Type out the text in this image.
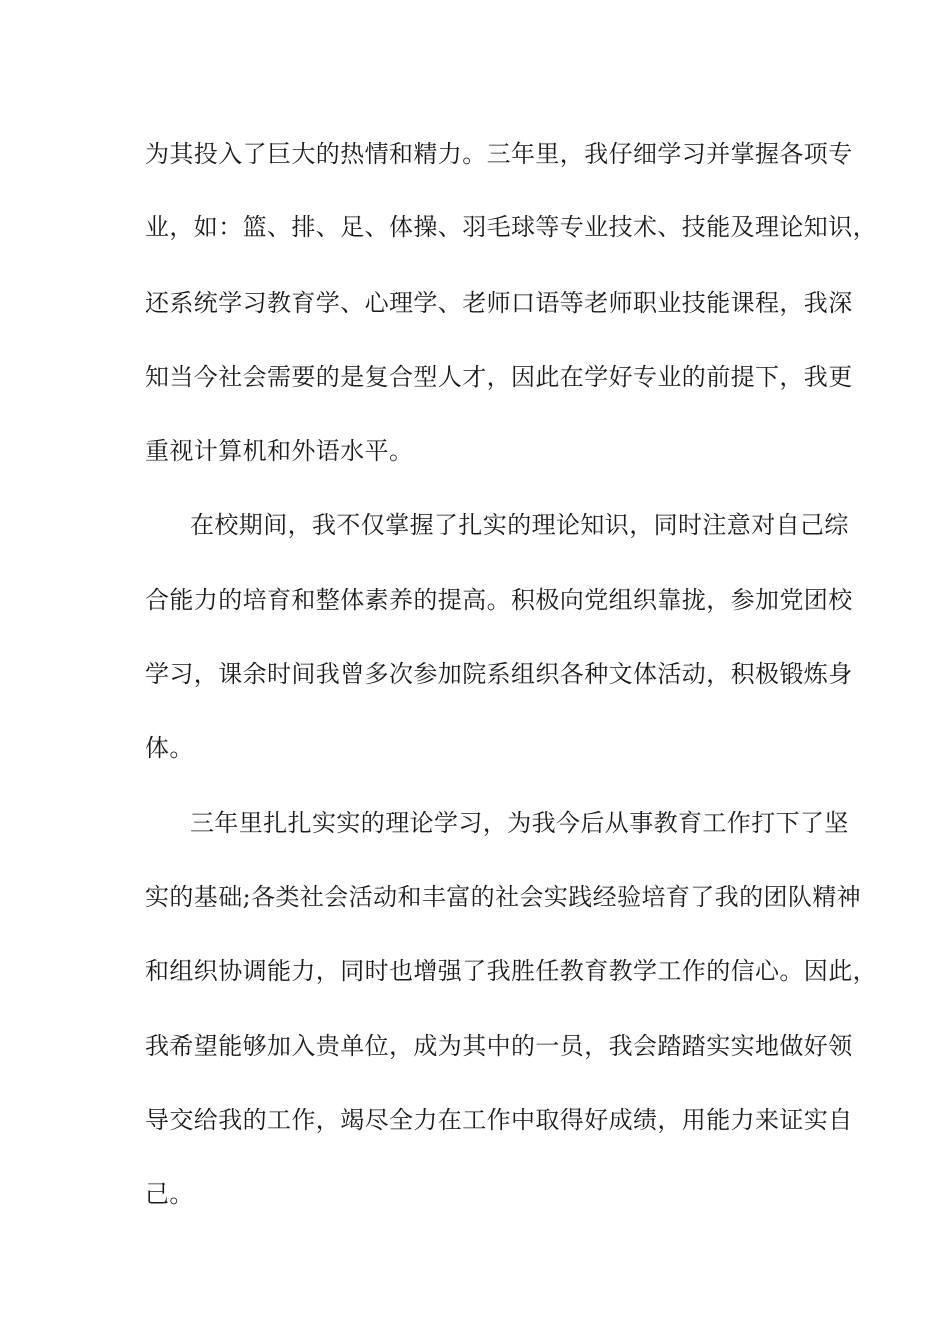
为其投入了巨大的热情和精力。三年里，我仔细学习并掌握各项专
业，如：篮、排、足、体操、羽毛球等专业技术、技能及理论知识，
还系统学习教育学、心理学、老师口语等老师职业技能课程，我深
知当今社会需要的是复合型人才，因此在学好专业的前提下，我更
重视计算机和外语水平。
在校期间，我不仅掌握了扎实的理论知识，同时注意对自己综
合能力的培育和整体素养的提高。积极向党组织靠拢，参加党团校
学习，课余时间我曾多次参加院系组织各种文体活动，积极锻炼身
体。
三年里扎扎实实的理论学习，为我今后从事教育工作打下了坚
实的基础;各类社会活动和丰富的社会实践经验培育了我的团队精神
和组织协调能力，同时也增强了我胜任教育教学工作的信心。因此，
我希望能够加入贵单位，成为其中的一员，我会踏踏实实地做好领
导交给我的工作，竭尽全力在工作中取得好成绩，用能力来证实自
己。
